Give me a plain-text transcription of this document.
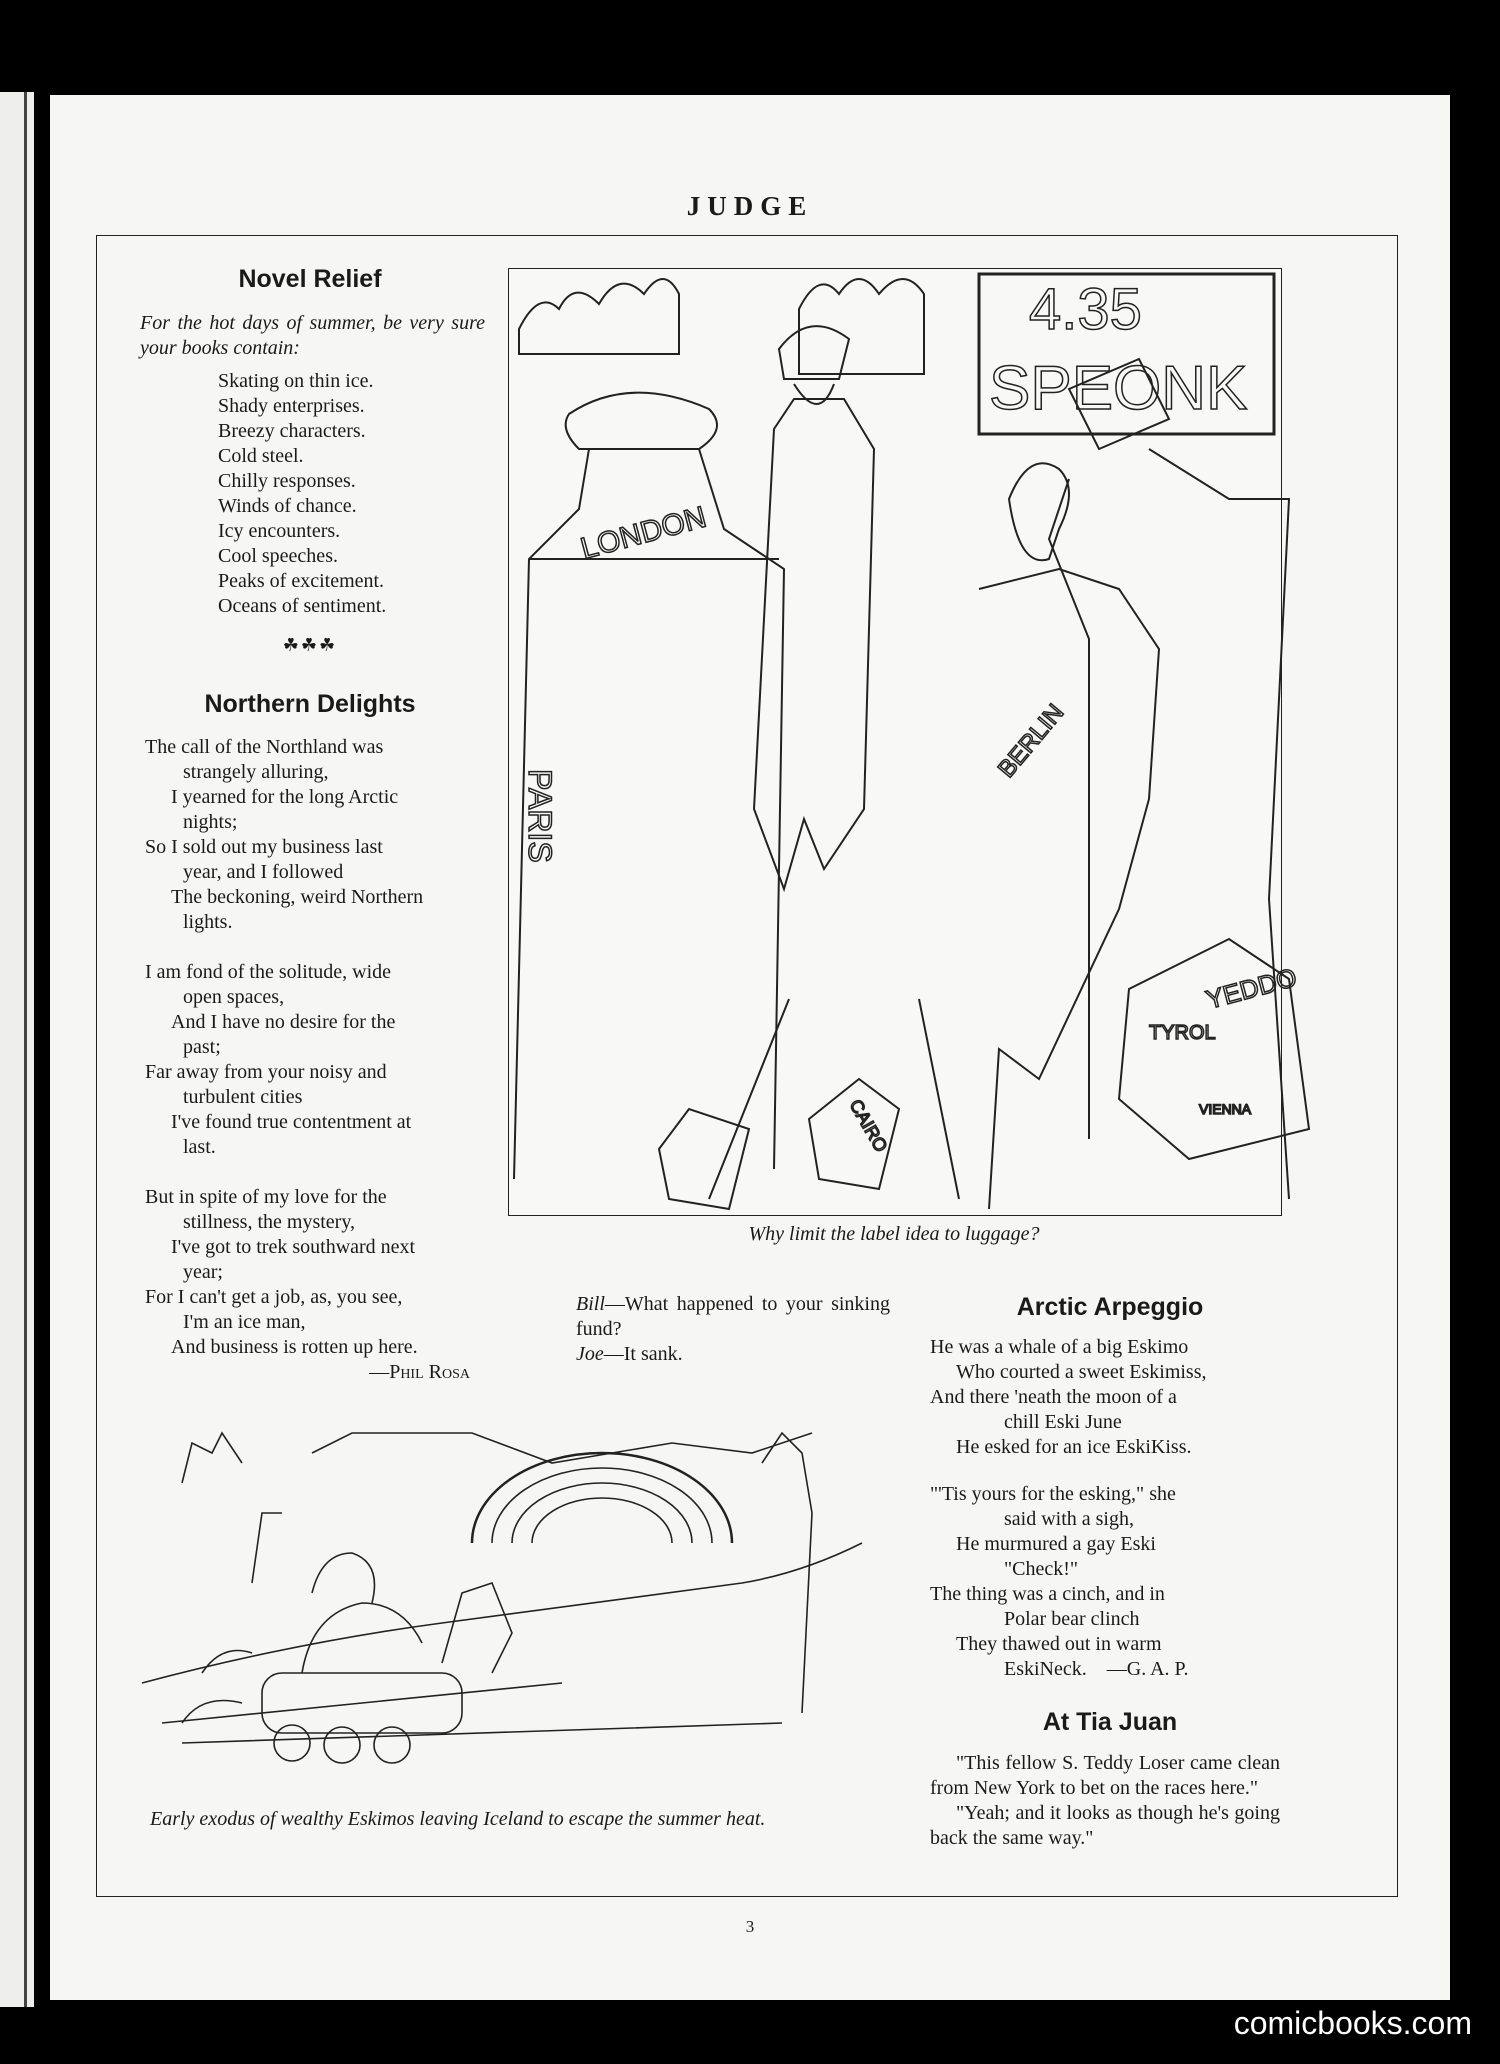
JUDGE
Novel Relief
For the hot days of summer, be very sure your books contain:

Skating on thin ice.

Shady enterprises.

Breezy characters.

Cold steel.

Chilly responses.

Winds of chance.

Icy encounters.

Cool speeches.

Peaks of excitement.

Oceans of sentiment.

☘☘☘
Northern Delights

The call of the Northland was

strangely alluring,

I yearned for the long Arctic

nights;

So I sold out my business last

year, and I followed

The beckoning, weird Northern

lights.

I am fond of the solitude, wide

open spaces,

And I have no desire for the

past;

Far away from your noisy and

turbulent cities

I've found true contentment at

last.

But in spite of my love for the

stillness, the mystery,

I've got to trek southward next

year;

For I can't get a job, as, you see,

I'm an ice man,

And business is rotten up here.

—Phil Rosa
4.35
SPEONK
LONDON
PARIS
BERLIN
VIENNA
CAIRO
TYROL
YEDDO
Why limit the label idea to luggage?

Bill—What happened to your sinking fund?

Joe—It sank.

Arctic Arpeggio

He was a whale of a big Eskimo

Who courted a sweet Eskimiss,

And there 'neath the moon of a

chill Eski June

He esked for an ice EskiKiss.

"'Tis yours for the esking," she

said with a sigh,

He murmured a gay Eski

"Check!"

The thing was a cinch, and in

Polar bear clinch

They thawed out in warm

EskiNeck.    —G. A. P.

At Tia Juan

"This fellow S. Teddy Loser came clean from New York to bet on the races here."

"Yeah; and it looks as though he's going back the same way."

Early exodus of wealthy Eskimos leaving Iceland to escape the summer heat.
3
comicbooks.com
